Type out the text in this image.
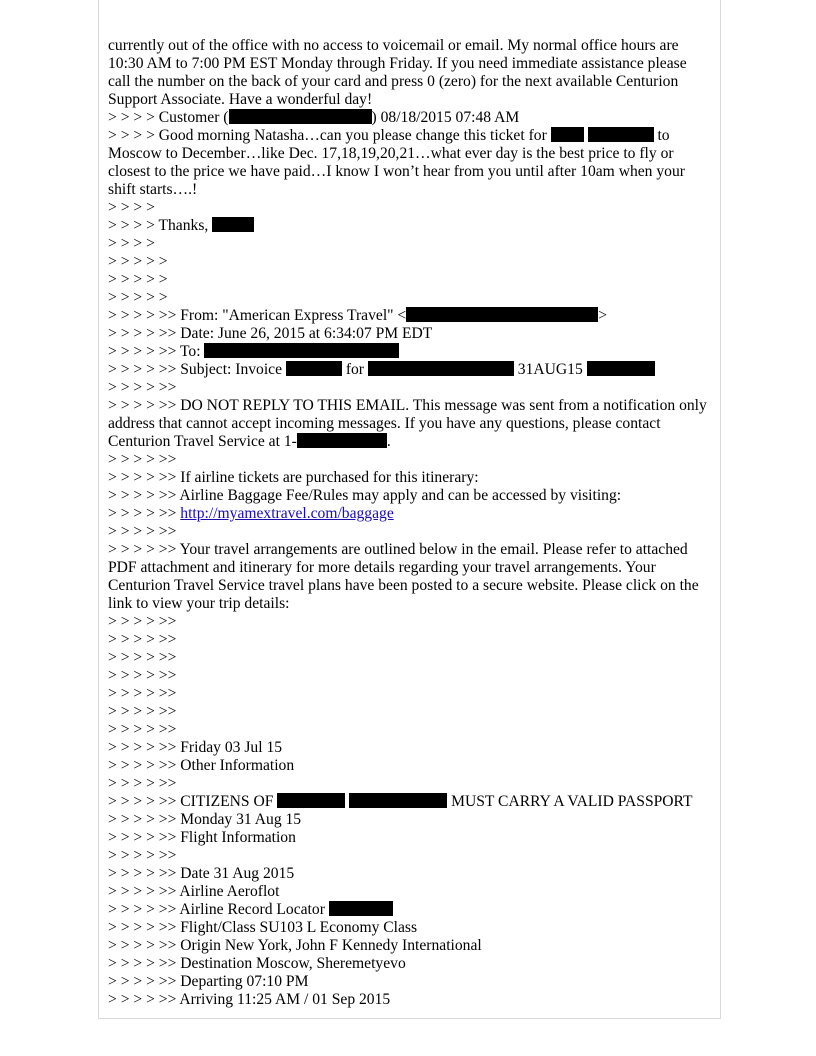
currently out of the office with no access to voicemail or email. My normal office hours are 10:30 AM to 7:00 PM EST Monday through Friday. If you need immediate assistance please call the number on the back of your card and press 0 (zero) for the next available Centurion Support Associate. Have a wonderful day!
> > > > Customer (	) 08/18/2015 07:48 AM
> > > > Good morning Natasha…can you please change this ticket for	to Moscow to December…like Dec. 17,18,19,20,21…what ever day is the best price to fly or closest to the price we have paid…I know I won’t hear from you until after 10am when your shift starts….!
> > > >
> > > > Thanks,
> > > >
> > > > >
> > > > >
> > > > >
> > > > >> From: "American Express Travel" <	>
> > > > >> Date: June 26, 2015 at 6:34:07 PM EDT
> > > > >> To:
> > > > >> Subject: Invoice	for	31AUG15
> > > > >>
> > > > >> DO NOT REPLY TO THIS EMAIL. This message was sent from a notification only address that cannot accept incoming messages. If you have any questions, please contact Centurion Travel Service at 1-	.
> > > > >>
> > > > >> If airline tickets are purchased for this itinerary:
> > > > >> Airline Baggage Fee/Rules may apply and can be accessed by visiting:
> > > > >> http://myamextravel.com/baggage
> > > > >>
> > > > >> Your travel arrangements are outlined below in the email. Please refer to attached PDF attachment and itinerary for more details regarding your travel arrangements. Your Centurion Travel Service travel plans have been posted to a secure website. Please click on the link to view your trip details:
> > > > >>
> > > > >>
> > > > >>
> > > > >>
> > > > >>
> > > > >>
> > > > >>
> > > > >> Friday 03 Jul 15
> > > > >> Other Information
> > > > >>
> > > > >> CITIZENS OF	MUST CARRY A VALID PASSPORT
> > > > >> Monday 31 Aug 15
> > > > >> Flight Information
> > > > >>
> > > > >> Date 31 Aug 2015
> > > > >> Airline Aeroflot
> > > > >> Airline Record Locator
> > > > >> Flight/Class SU103 L Economy Class
> > > > >> Origin New York, John F Kennedy International
> > > > >> Destination Moscow, Sheremetyevo
> > > > >> Departing 07:10 PM
> > > > >> Arriving 11:25 AM / 01 Sep 2015
